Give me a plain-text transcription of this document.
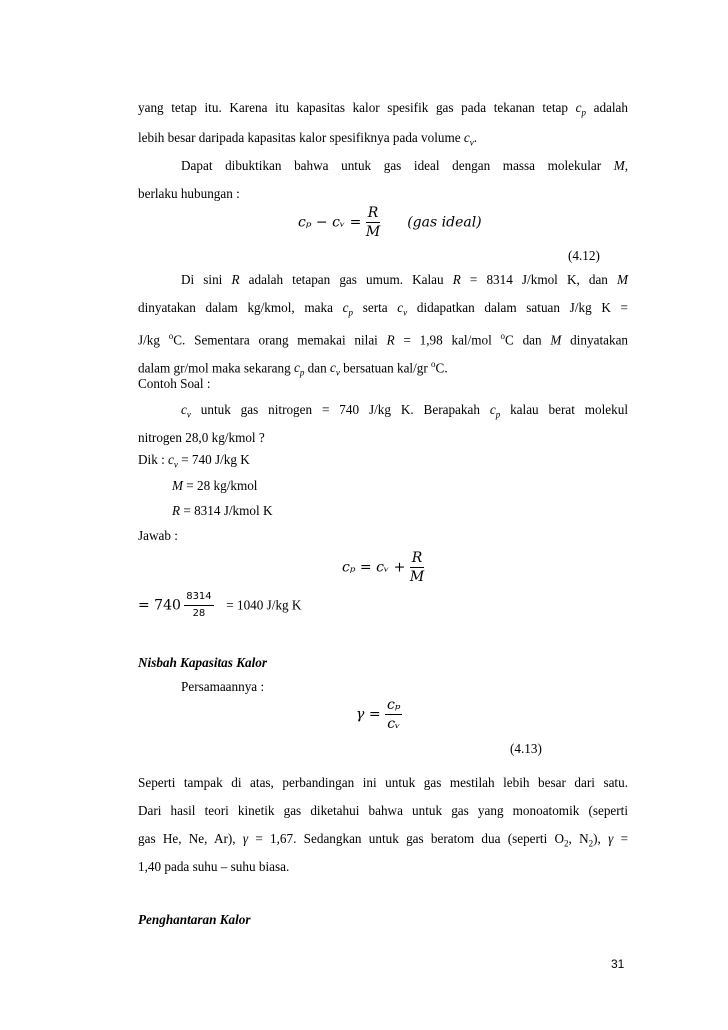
yang tetap itu. Karena itu kapasitas kalor spesifik gas pada tekanan tetap $c_p$ adalah
lebih besar daripada kapasitas kalor spesifiknya pada volume $c_v$.
Dapat dibuktikan bahwa untuk gas ideal dengan massa molekular M,
berlaku hubungan :
cₚ − cᵥ = $\frac{R}{M} (gas$ ideal)
(4.12)
Di sini R adalah tetapan gas umum. Kalau R = 8314 J/kmol K, dan M
dinyatakan dalam kg/kmol, maka $c_p$ serta $c_v$ didapatkan dalam satuan J/kg K =
J/kg $^o$C. Sementara orang memakai nilai R = 1,98 kal/mol $^o$C dan M dinyatakan
dalam gr/mol maka sekarang $c_p$ dan $c_v$ bersatuan kal/gr $^o$C.
Contoh Soal :
$c_v$ untuk gas nitrogen = 740 J/kg K. Berapakah $c_p$ kalau berat molekul
nitrogen 28,0 kg/kmol ?
Dik : $c_v = 740$ J/kg K
M = 28 kg/kmol
R = 8314 J/kmol K
Jawab :
cₚ = cᵥ + $\frac{R}{M}$
= $740 \frac{8314}{28} = 1040$ J/kg K
Nisbah Kapasitas Kalor
Persamaannya :
$\gamma = \frac{\text{cₚ}}{\text{cᵥ}}$
(4.13)
Seperti tampak di atas, perbandingan ini untuk gas mestilah lebih besar dari satu.
Dari hasil teori kinetik gas diketahui bahwa untuk gas yang monoatomik (seperti
gas He, Ne, Ar), γ = 1,67. Sedangkan untuk gas beratom dua (seperti $O_2$, $N_2$), γ =
1,40 pada suhu – suhu biasa.
Penghantaran Kalor
31
